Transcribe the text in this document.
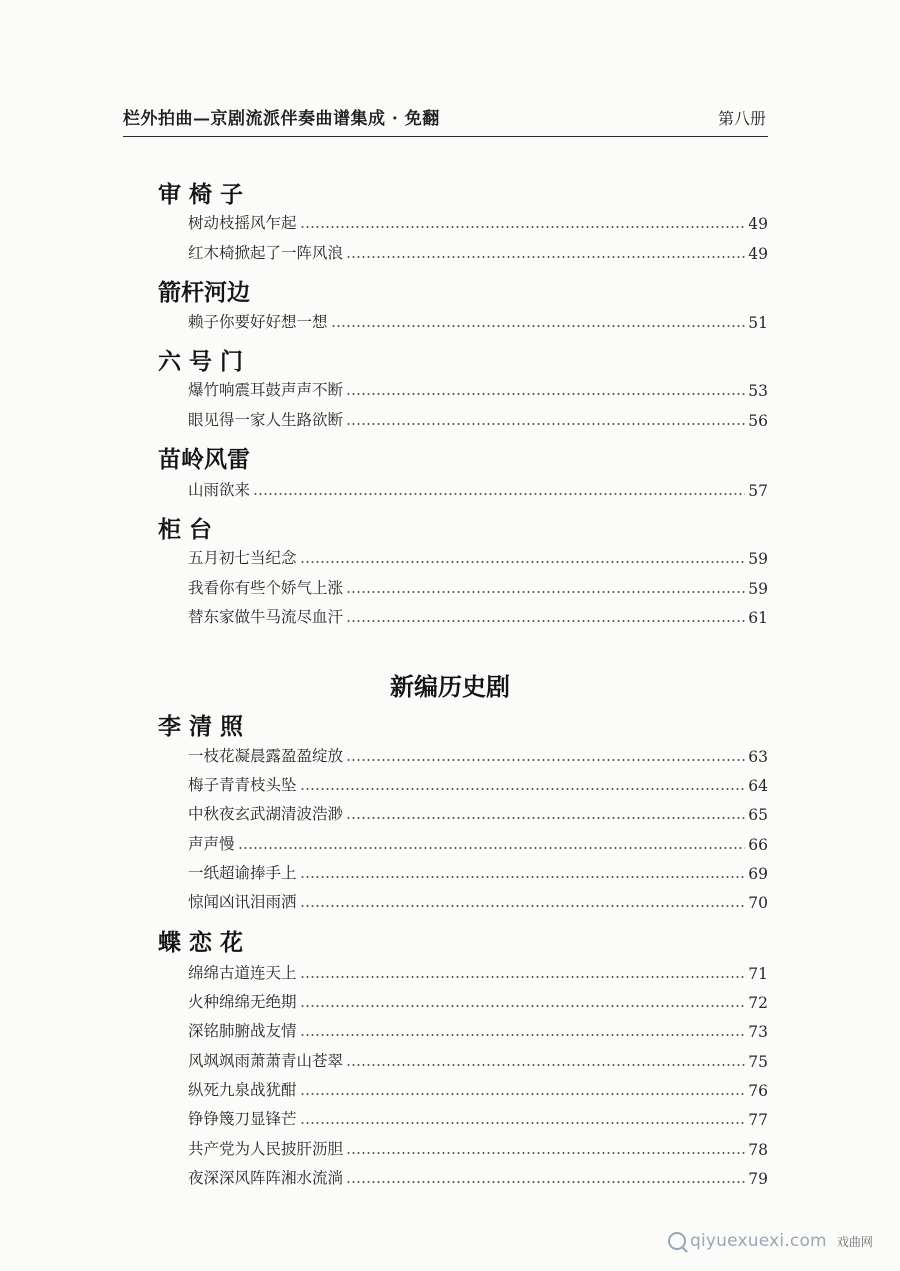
栏外拍曲—京剧流派伴奏曲谱集成 · 免翻	第八册
审 椅 子
树动枝摇风乍起	49
红木椅掀起了一阵风浪	49
箭杆河边
赖子你要好好想一想	51
六 号 门
爆竹响震耳鼓声声不断	53
眼见得一家人生路欲断	56
苗岭风雷
山雨欲来	57
柜 台
五月初七当纪念	59
我看你有些个娇气上涨	59
替东家做牛马流尽血汗	61
新编历史剧
李 清 照
一枝花凝晨露盈盈绽放	63
梅子青青枝头坠	64
中秋夜玄武湖清波浩渺	65
声声慢	66
一纸超谕捧手上	69
惊闻凶讯泪雨洒	70
蝶 恋 花
绵绵古道连天上	71
火种绵绵无绝期	72
深铭肺腑战友情	73
风飒飒雨萧萧青山苍翠	75
纵死九泉战犹酣	76
铮铮篾刀显锋芒	77
共产党为人民披肝沥胆	78
夜深深风阵阵湘水流淌	79
qiyuexuexi.com 戏曲网
